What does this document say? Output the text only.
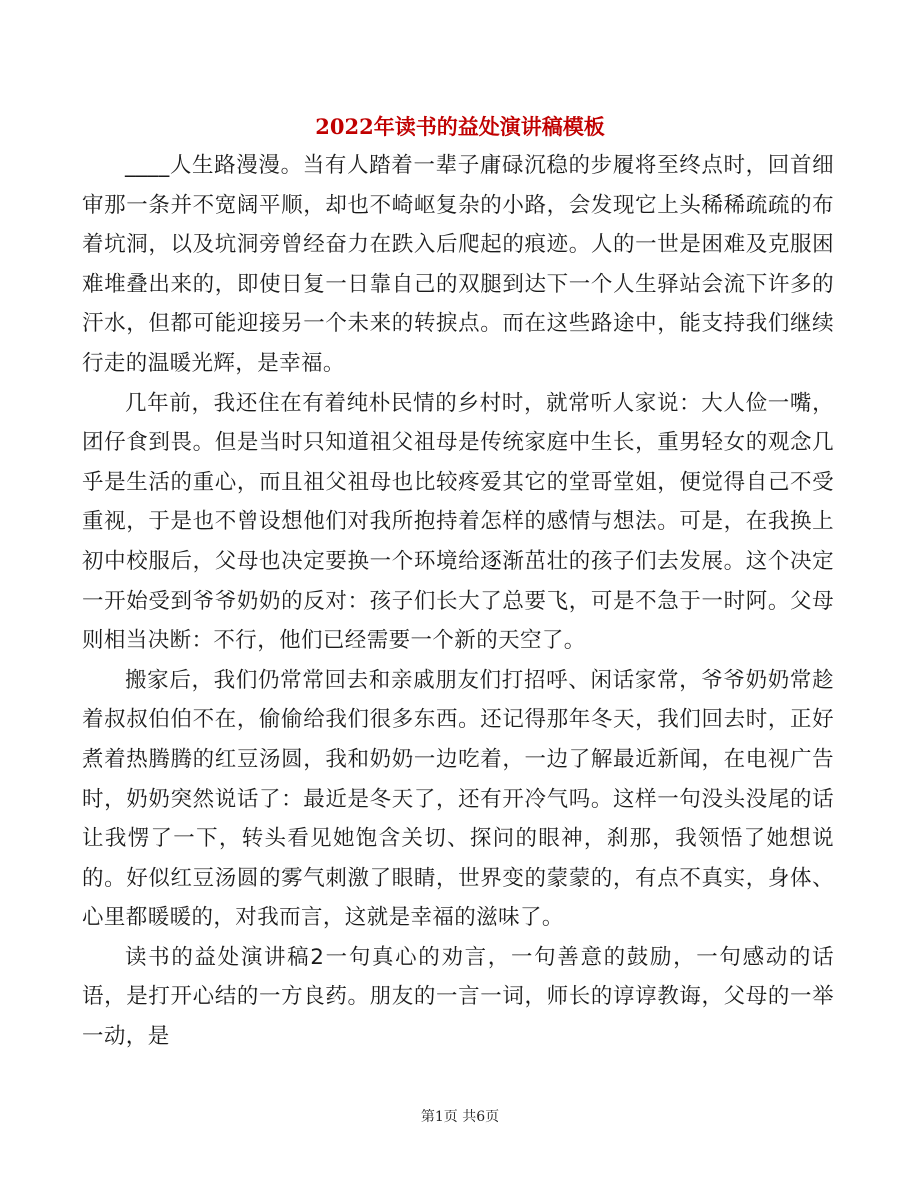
2022年读书的益处演讲稿模板

____人生路漫漫。当有人踏着一辈子庸碌沉稳的步履将至终点时，回首细审那一条并不宽阔平顺，却也不崎岖复杂的小路，会发现它上头稀稀疏疏的布着坑洞，以及坑洞旁曾经奋力在跌入后爬起的痕迹。人的一世是困难及克服困难堆叠出来的，即使日复一日靠自己的双腿到达下一个人生驿站会流下许多的汗水，但都可能迎接另一个未来的转捩点。而在这些路途中，能支持我们继续行走的温暖光辉，是幸福。

几年前，我还住在有着纯朴民情的乡村时，就常听人家说：大人俭一嘴，团仔食到畏。但是当时只知道祖父祖母是传统家庭中生长，重男轻女的观念几乎是生活的重心，而且祖父祖母也比较疼爱其它的堂哥堂姐，便觉得自己不受重视，于是也不曾设想他们对我所抱持着怎样的感情与想法。可是，在我换上初中校服后，父母也决定要换一个环境给逐渐茁壮的孩子们去发展。这个决定一开始受到爷爷奶奶的反对：孩子们长大了总要飞，可是不急于一时阿。父母则相当决断：不行，他们已经需要一个新的天空了。

搬家后，我们仍常常回去和亲戚朋友们打招呼、闲话家常，爷爷奶奶常趁着叔叔伯伯不在，偷偷给我们很多东西。还记得那年冬天，我们回去时，正好煮着热腾腾的红豆汤圆，我和奶奶一边吃着，一边了解最近新闻，在电视广告时，奶奶突然说话了：最近是冬天了，还有开冷气吗。这样一句没头没尾的话让我愣了一下，转头看见她饱含关切、探问的眼神，刹那，我领悟了她想说的。好似红豆汤圆的雾气刺激了眼睛，世界变的蒙蒙的，有点不真实，身体、心里都暖暖的，对我而言，这就是幸福的滋味了。

读书的益处演讲稿2一句真心的劝言，一句善意的鼓励，一句感动的话语，是打开心结的一方良药。朋友的一言一词，师长的谆谆教诲，父母的一举一动，是

第1页 共6页
